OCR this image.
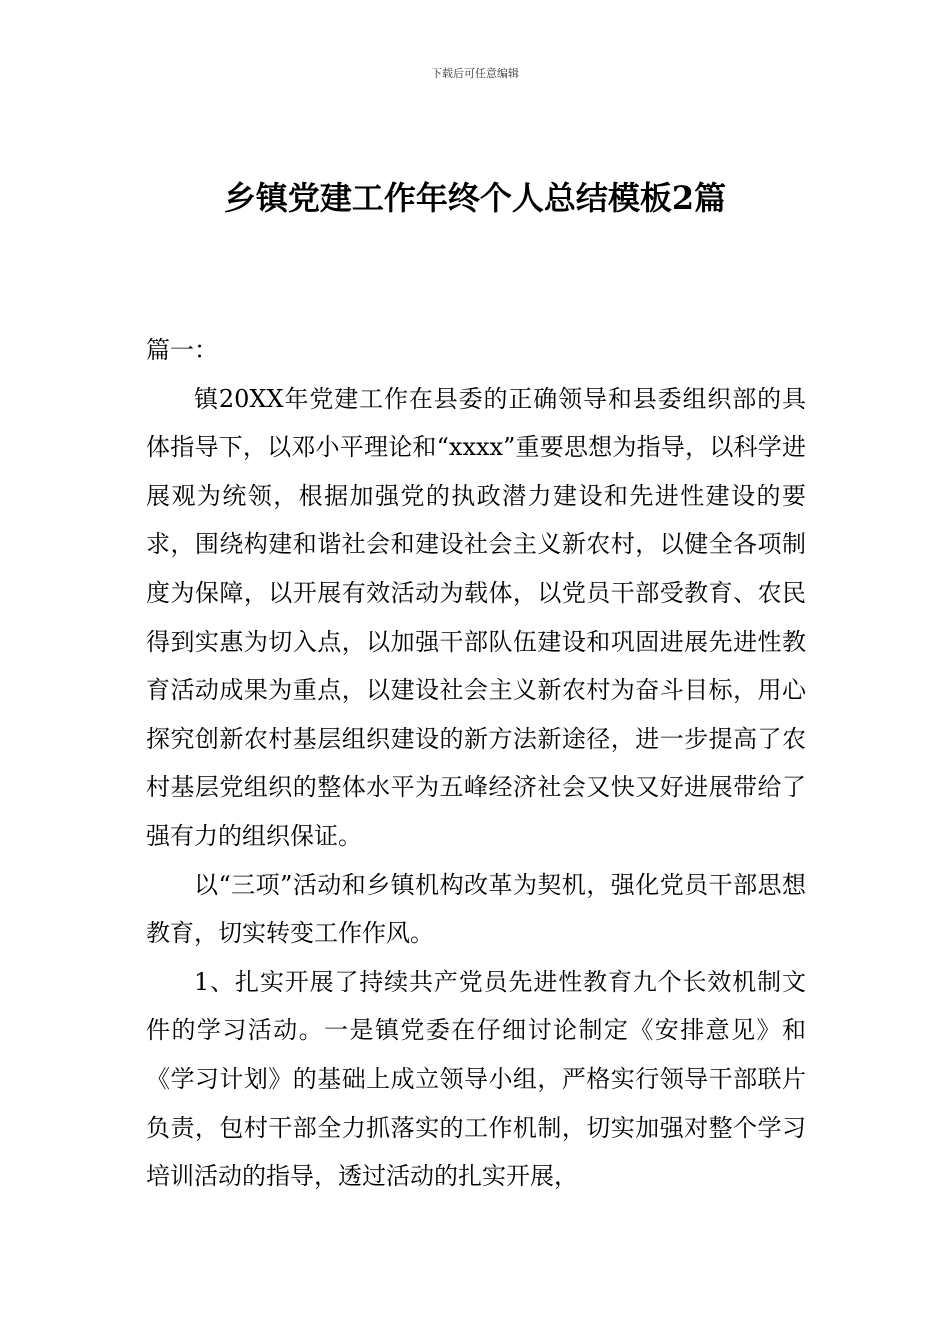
下载后可任意编辑
乡镇党建工作年终个人总结模板2篇

篇一：

镇20XX年党建工作在县委的正确领导和县委组织部的具体指导下，以邓小平理论和“xxxx”重要思想为指导，以科学进展观为统领，根据加强党的执政潜力建设和先进性建设的要求，围绕构建和谐社会和建设社会主义新农村，以健全各项制度为保障，以开展有效活动为载体，以党员干部受教育、农民得到实惠为切入点，以加强干部队伍建设和巩固进展先进性教育活动成果为重点，以建设社会主义新农村为奋斗目标，用心探究创新农村基层组织建设的新方法新途径，进一步提高了农村基层党组织的整体水平为五峰经济社会又快又好进展带给了强有力的组织保证。

以“三项”活动和乡镇机构改革为契机，强化党员干部思想教育，切实转变工作作风。

1、扎实开展了持续共产党员先进性教育九个长效机制文件的学习活动。一是镇党委在仔细讨论制定《安排意见》和《学习计划》的基础上成立领导小组，严格实行领导干部联片负责，包村干部全力抓落实的工作机制，切实加强对整个学习培训活动的指导，透过活动的扎实开展，
